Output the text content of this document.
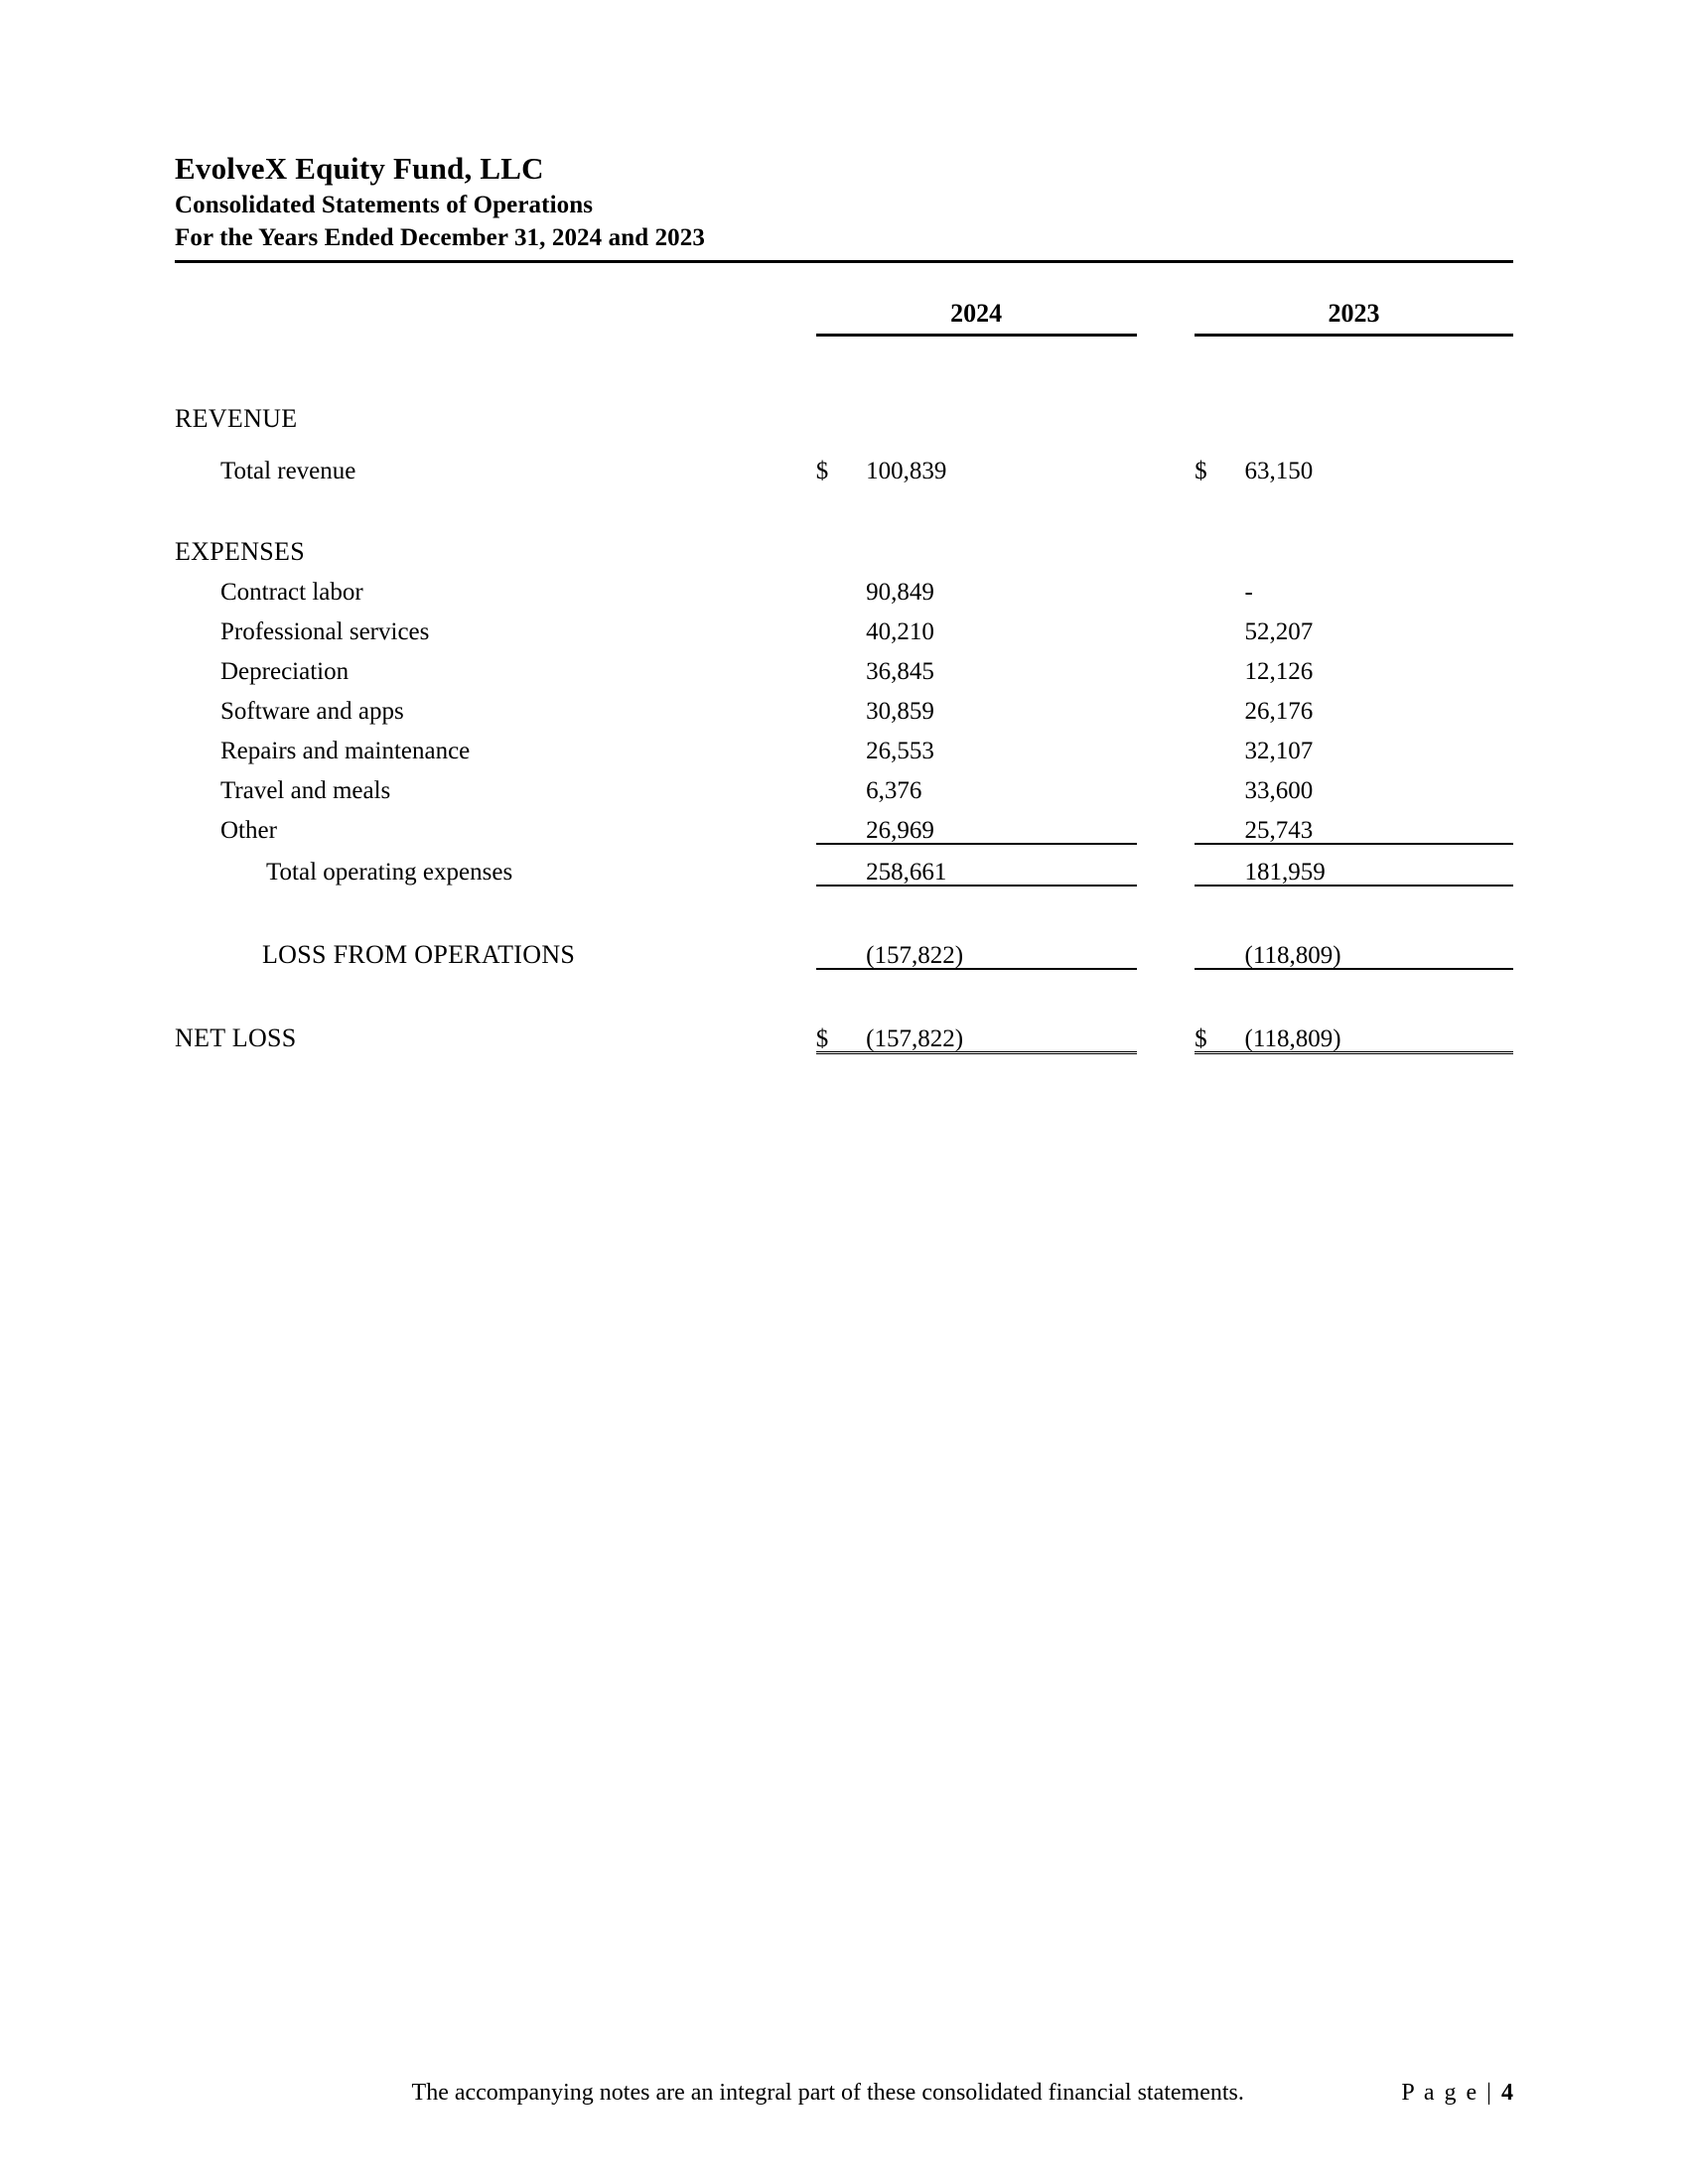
EvolveX Equity Fund, LLC
Consolidated Statements of Operations
For the Years Ended December 31, 2024 and 2023
	2024			2023	

REVENUE					
Total revenue	$	100,839		$	63,150

EXPENSES					
Contract labor		90,849			-
Professional services		40,210			52,207
Depreciation		36,845			12,126
Software and apps		30,859			26,176
Repairs and maintenance		26,553			32,107
Travel and meals		6,376			33,600
Other		26,969			25,743

Total operating expenses		258,661			181,959

LOSS FROM OPERATIONS		(157,822)			(118,809)

NET LOSS	$	(157,822)		$	(118,809)

The accompanying notes are an integral part of these consolidated financial statements.	P a g e | 4
